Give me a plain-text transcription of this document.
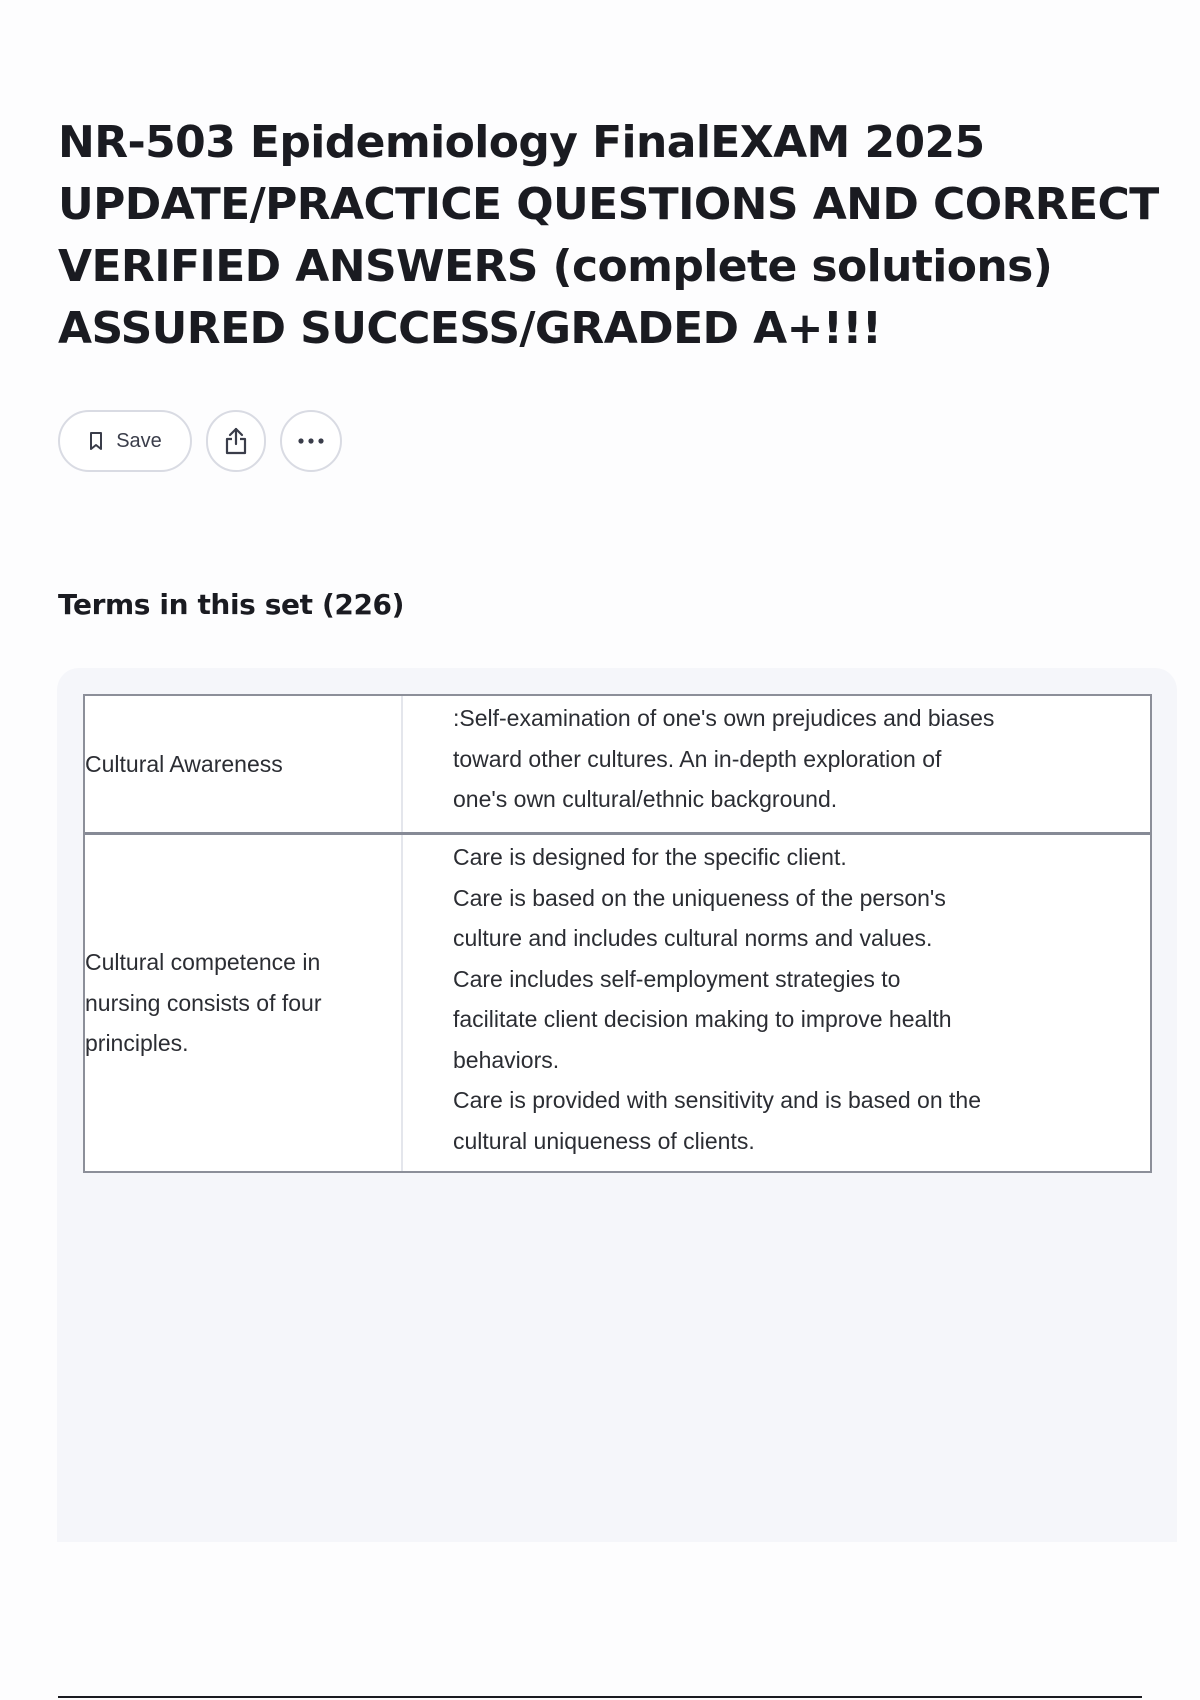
NR-503 Epidemiology FinalEXAM 2025 UPDATE/PRACTICE QUESTIONS AND CORRECT VERIFIED ANSWERS (complete solutions) ASSURED SUCCESS/GRADED A+!!!
Save
Terms in this set (226)
Cultural Awareness
:Self-examination of one's own prejudices and biases
toward other cultures. An in-depth exploration of
one's own cultural/ethnic background.
Cultural competence in nursing consists of four principles.
Care is designed for the specific client.
Care is based on the uniqueness of the person's
culture and includes cultural norms and values.
Care includes self-employment strategies to
facilitate client decision making to improve health
behaviors.
Care is provided with sensitivity and is based on the
cultural uniqueness of clients.
